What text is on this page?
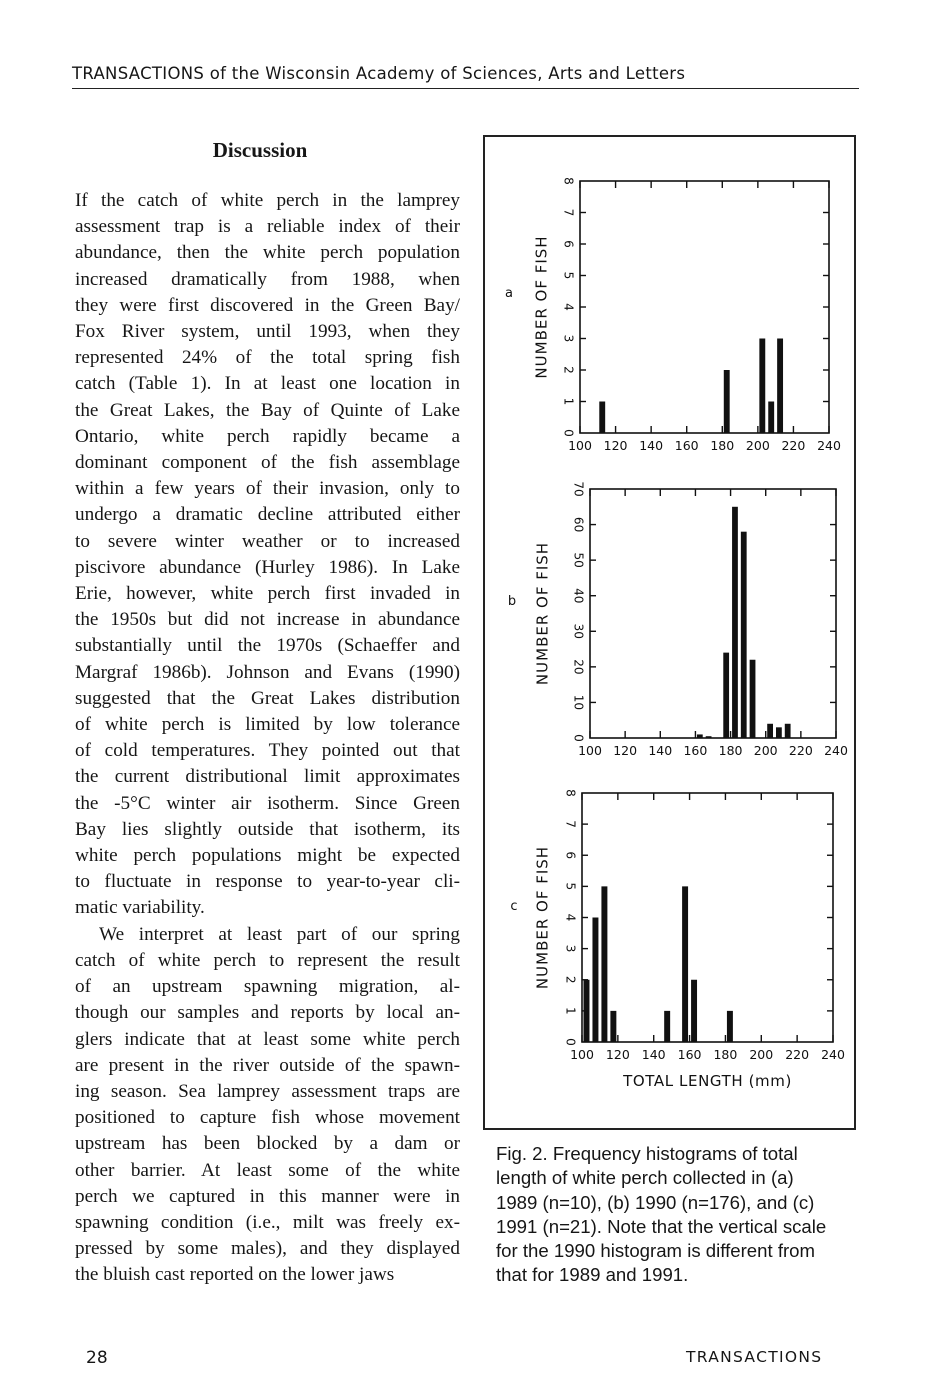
TRANSACTIONS of the Wisconsin Academy of Sciences, Arts and Letters
Discussion

If the catch of white perch in the lamprey

assessment trap is a reliable index of their

abundance, then the white perch population

increased dramatically from 1988, when

they were first discovered in the Green Bay/

Fox River system, until 1993, when they

represented 24% of the total spring fish

catch (Table 1). In at least one location in

the Great Lakes, the Bay of Quinte of Lake

Ontario, white perch rapidly became a

dominant component of the fish assemblage

within a few years of their invasion, only to

undergo a dramatic decline attributed either

to severe winter weather or to increased

piscivore abundance (Hurley 1986). In Lake

Erie, however, white perch first invaded in

the 1950s but did not increase in abundance

substantially until the 1970s (Schaeffer and

Margraf 1986b). Johnson and Evans (1990)

suggested that the Great Lakes distribution

of white perch is limited by low tolerance

of cold temperatures. They pointed out that

the current distributional limit approximates

the -5°C winter air isotherm. Since Green

Bay lies slightly outside that isotherm, its

white perch populations might be expected

to fluctuate in response to year-to-year cli-

matic variability.

We interpret at least part of our spring

catch of white perch to represent the result

of an upstream spawning migration, al-

though our samples and reports by local an-

glers indicate that at least some white perch

are present in the river outside of the spawn-

ing season. Sea lamprey assessment traps are

positioned to capture fish whose movement

upstream has been blocked by a dam or

other barrier. At least some of the white

perch we captured in this manner were in

spawning condition (i.e., milt was freely ex-

pressed by some males), and they displayed

the bluish cast reported on the lower jaws

100 120 140 160 180 200 220 240
0
1
2
3
4
5
6
7
8
NUMBER OF FISH
a
100 120 140 160 180 200 220 240
0
10
20
30
40
50
60
70
NUMBER OF FISH
b
100 120 140 160 180 200 220 240
0
1
2
3
4
5
6
7
8
NUMBER OF FISH
c
TOTAL LENGTH (mm)
Fig. 2. Frequency histograms of total
length of white perch collected in (a)
1989 (n=10), (b) 1990 (n=176), and (c)
1991 (n=21). Note that the vertical scale
for the 1990 histogram is different from
that for 1989 and 1991.
28	TRANSACTIONS
